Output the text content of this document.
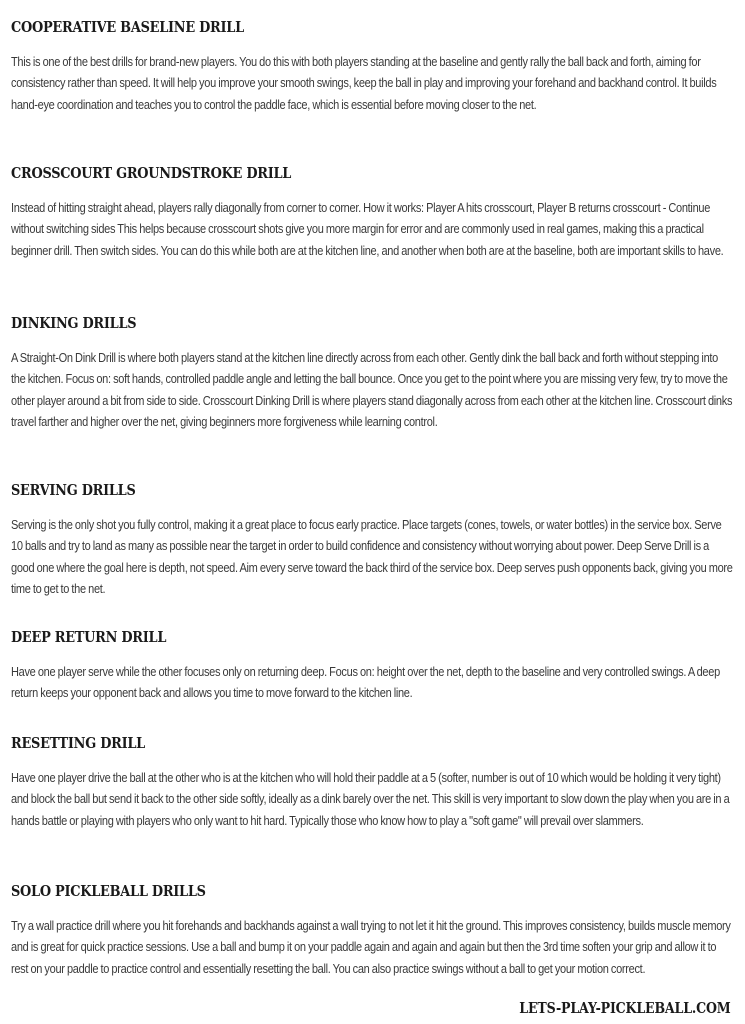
COOPERATIVE BASELINE DRILL

This is one of the best drills for brand-new players. You do this with both players standing at the baseline and gently rally the ball back and forth, aiming for consistency rather than speed. It will help you improve your smooth swings, keep the ball in play and improving your forehand and backhand control. It builds hand-eye coordination and teaches you to control the paddle face, which is essential before moving closer to the net.

CROSSCOURT GROUNDSTROKE DRILL

Instead of hitting straight ahead, players rally diagonally from corner to corner. How it works: Player A hits crosscourt, Player B returns crosscourt - Continue without switching sides This helps because crosscourt shots give you more margin for error and are commonly used in real games, making this a practical beginner drill. Then switch sides. You can do this while both are at the kitchen line, and another when both are at the baseline, both are important skills to have.

DINKING DRILLS

A Straight-On Dink Drill is where both players stand at the kitchen line directly across from each other. Gently dink the ball back and forth without stepping into the kitchen. Focus on: soft hands, controlled paddle angle and letting the ball bounce. Once you get to the point where you are missing very few, try to move the other player around a bit from side to side. Crosscourt Dinking Drill is where players stand diagonally across from each other at the kitchen line. Crosscourt dinks travel farther and higher over the net, giving beginners more forgiveness while learning control.

SERVING DRILLS

Serving is the only shot you fully control, making it a great place to focus early practice. Place targets (cones, towels, or water bottles) in the service box. Serve 10 balls and try to land as many as possible near the target in order to build confidence and consistency without worrying about power. Deep Serve Drill is a good one where the goal here is depth, not speed. Aim every serve toward the back third of the service box. Deep serves push opponents back, giving you more time to get to the net.

DEEP RETURN DRILL

Have one player serve while the other focuses only on returning deep. Focus on: height over the net, depth to the baseline and very controlled swings. A deep return keeps your opponent back and allows you time to move forward to the kitchen line.

RESETTING DRILL

Have one player drive the ball at the other who is at the kitchen who will hold their paddle at a 5 (softer, number is out of 10 which would be holding it very tight) and block the ball but send it back to the other side softly, ideally as a dink barely over the net. This skill is very important to slow down the play when you are in a hands battle or playing with players who only want to hit hard. Typically those who know how to play a "soft game" will prevail over slammers.

SOLO PICKLEBALL DRILLS

Try a wall practice drill where you hit forehands and backhands against a wall trying to not let it hit the ground. This improves consistency, builds muscle memory and is great for quick practice sessions. Use a ball and bump it on your paddle again and again and again but then the 3rd time soften your grip and allow it to rest on your paddle to practice control and essentially resetting the ball. You can also practice swings without a ball to get your motion correct.

LETS-PLAY-PICKLEBALL.COM
